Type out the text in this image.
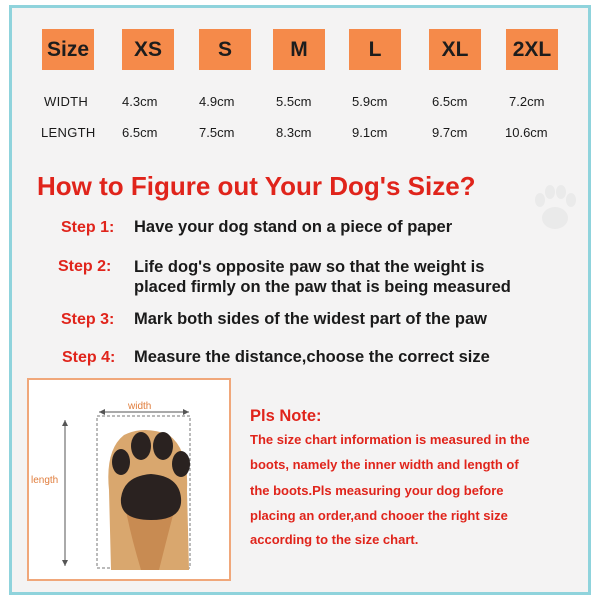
Size	XS	S	M	L	XL	2XL
WIDTH	4.3cm	4.9cm	5.5cm	5.9cm	6.5cm	7.2cm
LENGTH 6.5cm	7.5cm	8.3cm	9.1cm	9.7cm	10.6cm
How to Figure out Your Dog's Size?
Step 1: Have your dog stand on a piece of paper
Step 2: Life dog's opposite paw so that the weight is
placed firmly on the paw that is being measured
Step 3: Mark both sides of the widest part of the paw
Step 4: Measure the distance,choose the correct size
width
length
Pls Note:
The size chart information is measured in the
boots, namely the inner width and length of
the boots.Pls measuring your dog before
placing an order,and chooer the right size
according to the size chart.
